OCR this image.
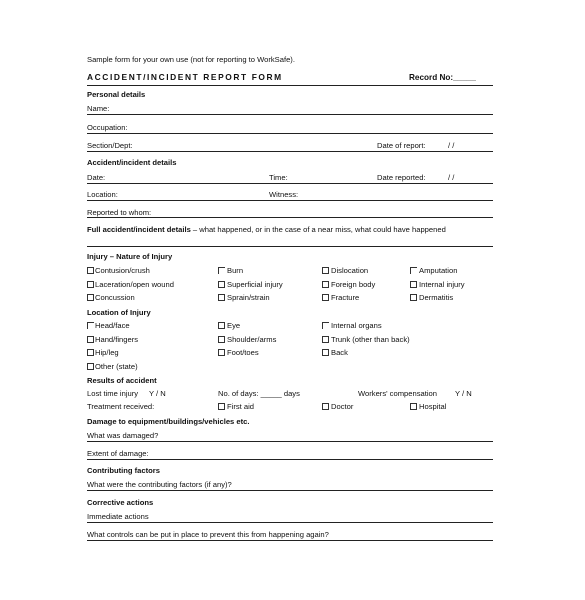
Sample form for your own use (not for reporting to WorkSafe).
ACCIDENT/INCIDENT REPORT FORM	Record No:_____
Personal details
Name:
Occupation:
Section/Dept:	Date of report:	/ /
Accident/incident details
Date:	Time:	Date reported:	/ /
Location:	Witness:
Reported to whom:
Full accident/incident details – what happened, or in the case of a near miss, what could have happened
Injury – Nature of Injury
Contusion/crush	Burn	Dislocation	Amputation
Laceration/open wound	Superficial injury	Foreign body	Internal injury
Concussion	Sprain/strain	Fracture	Dermatitis
Location of Injury
Head/face	Eye	Internal organs
Hand/fingers	Shoulder/arms	Trunk (other than back)
Hip/leg	Foot/toes	Back
Other (state)
Results of accident
Lost time injury Y / N	No. of days: _____ days	Workers' compensation Y / N
Treatment received:	First aid	Doctor	Hospital
Damage to equipment/buildings/vehicles etc.
What was damaged?
Extent of damage:
Contributing factors
What were the contributing factors (if any)?
Corrective actions
Immediate actions
What controls can be put in place to prevent this from happening again?
